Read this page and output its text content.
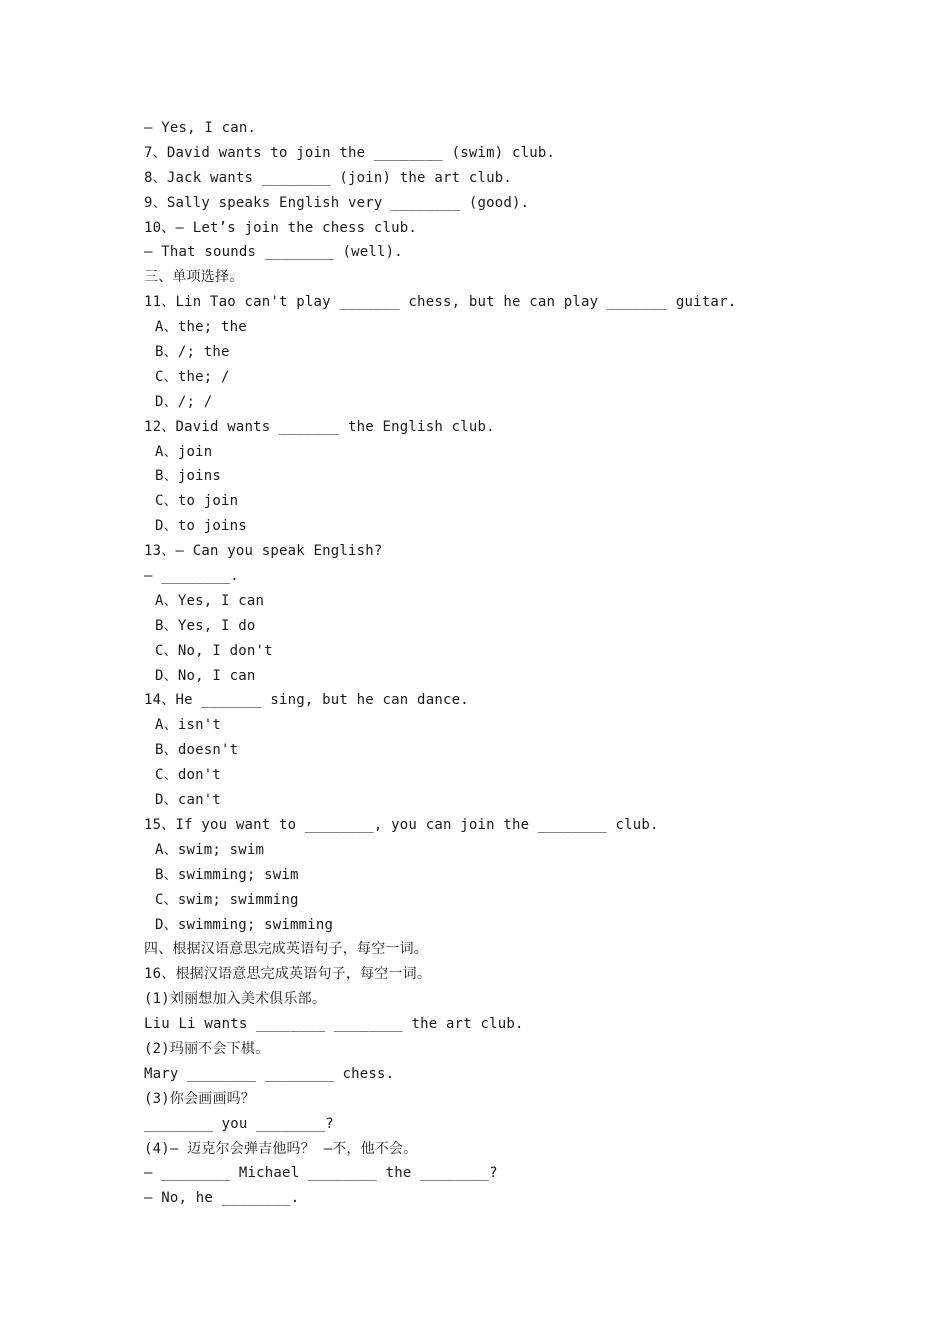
— Yes, I can.
7、David wants to join the ________ (swim) club.
8、Jack wants ________ (join) the art club.
9、Sally speaks English very ________ (good).
10、— Let’s join the chess club.
— That sounds ________ (well).
三、单项选择。
11、Lin Tao can't play _______ chess, but he can play _______ guitar.
A、the; the
B、/; the
C、the; /
D、/; /
12、David wants _______ the English club.
A、join
B、joins
C、to join
D、to joins
13、— Can you speak English?
— ________.
A、Yes, I can
B、Yes, I do
C、No, I don't
D、No, I can
14、He _______ sing, but he can dance.
A、isn't
B、doesn't
C、don't
D、can't
15、If you want to ________, you can join the ________ club.
A、swim; swim
B、swimming; swim
C、swim; swimming
D、swimming; swimming
四、根据汉语意思完成英语句子，每空一词。
16、根据汉语意思完成英语句子，每空一词。
(1)刘丽想加入美术俱乐部。
Liu Li wants ________ ________ the art club.
(2)玛丽不会下棋。
Mary ________ ________ chess.
(3)你会画画吗？
________ you ________?
(4)— 迈克尔会弹吉他吗？ —不，他不会。
— ________ Michael ________ the ________?
— No, he ________.
